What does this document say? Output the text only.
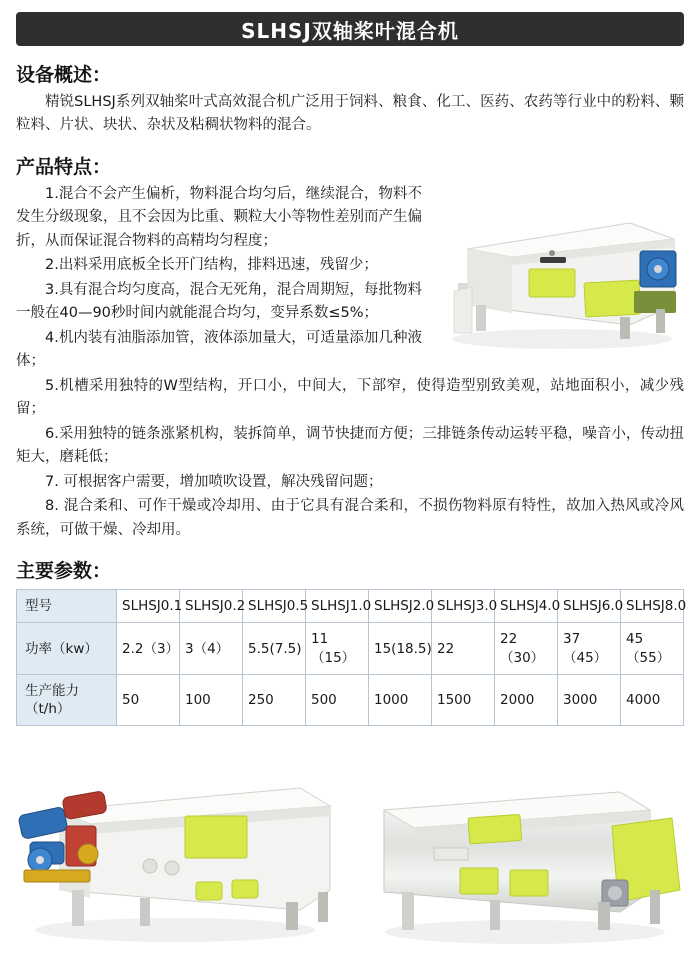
SLHSJ双轴桨叶混合机
设备概述：

精锐SLHSJ系列双轴桨叶式高效混合机广泛用于饲料、粮食、化工、医药、农药等行业中的粉料、颗粒料、片状、块状、杂状及粘稠状物料的混合。

产品特点：

1.混合不会产生偏析，物料混合均匀后，继续混合，物料不发生分级现象，且不会因为比重、颗粒大小等物性差别而产生偏折，从而保证混合物料的高精均匀程度；

2.出料采用底板全长开门结构，排料迅速，残留少；

3.具有混合均匀度高，混合无死角，混合周期短，每批物料一般在40—90秒时间内就能混合均匀，变异系数≤5%；

4.机内装有油脂添加管，液体添加量大，可适量添加几种液体；

5.机槽采用独特的W型结构，开口小，中间大，下部窄，使得造型别致美观，站地面积小，减少残留；

6.采用独特的链条涨紧机构，装拆简单，调节快捷而方便；三排链条传动运转平稳，噪音小，传动扭矩大，磨耗低；

7. 可根据客户需要，增加喷吹设置，解决残留问题；

8. 混合柔和、可作干燥或冷却用、由于它具有混合柔和，不损伤物料原有特性，故加入热风或冷风系统，可做干燥、冷却用。

主要参数：
型号	SLHSJ0.1	SLHSJ0.2	SLHSJ0.5	SLHSJ1.0	SLHSJ2.0	SLHSJ3.0	SLHSJ4.0	SLHSJ6.0	SLHSJ8.0
功率（kw）	2.2（3）	3（4）	5.5(7.5)	11（15）	15(18.5)	22	22（30）	37（45）	45（55）
生产能力（t/h）	50	100	250	500	1000	1500	2000	3000	4000
